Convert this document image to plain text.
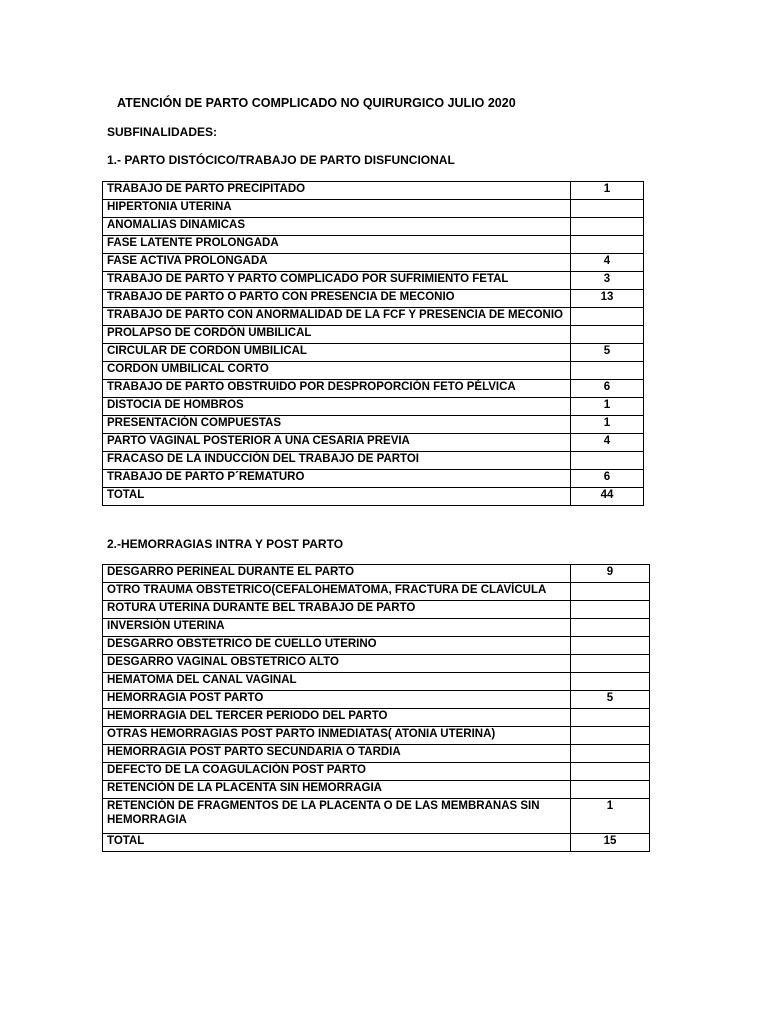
ATENCIÓN DE PARTO COMPLICADO NO QUIRURGICO JULIO 2020
SUBFINALIDADES:
1.- PARTO DISTÓCICO/TRABAJO DE PARTO DISFUNCIONAL
TRABAJO DE PARTO PRECIPITADO	1
HIPERTONIA UTERINA	
ANOMALIAS DINAMICAS	
FASE LATENTE PROLONGADA	
FASE ACTIVA PROLONGADA	4
TRABAJO DE PARTO Y PARTO COMPLICADO POR SUFRIMIENTO FETAL	3
TRABAJO DE PARTO O PARTO CON PRESENCIA DE MECONIO	13
TRABAJO DE PARTO CON ANORMALIDAD DE LA FCF Y PRESENCIA DE MECONIO	
PROLAPSO DE CORDÓN UMBILICAL	
CIRCULAR DE CORDON UMBILICAL	5
CORDON UMBILICAL CORTO	
TRABAJO DE PARTO OBSTRUIDO POR DESPROPORCIÓN FETO PÉLVICA	6
DISTOCIA DE HOMBROS	1
PRESENTACIÓN COMPUESTAS	1
PARTO VAGINAL POSTERIOR A UNA CESARIA PREVIA	4
FRACASO DE LA INDUCCIÓN DEL TRABAJO DE PARTOI	
TRABAJO DE PARTO P´REMATURO	6
TOTAL	44
2.-HEMORRAGIAS INTRA Y POST PARTO
DESGARRO PERINEAL DURANTE EL PARTO	9
OTRO TRAUMA OBSTETRICO(CEFALOHEMATOMA, FRACTURA DE CLAVÍCULA	
ROTURA UTERINA DURANTE BEL TRABAJO DE PARTO	
INVERSIÓN UTERINA	
DESGARRO OBSTETRICO DE CUELLO UTERINO	
DESGARRO VAGINAL OBSTETRICO ALTO	
HEMATOMA DEL CANAL VAGINAL	
HEMORRAGIA POST PARTO	5
HEMORRAGIA DEL TERCER PERIODO DEL PARTO	
OTRAS HEMORRAGIAS POST PARTO INMEDIATAS( ATONIA UTERINA)	
HEMORRAGIA POST PARTO SECUNDARIA O TARDIA	
DEFECTO DE LA COAGULACIÓN POST PARTO	
RETENCIÓN DE LA PLACENTA SIN HEMORRAGIA	
RETENCIÓN DE FRAGMENTOS DE LA PLACENTA O DE LAS MEMBRANAS SIN HEMORRAGIA	1
TOTAL	15
